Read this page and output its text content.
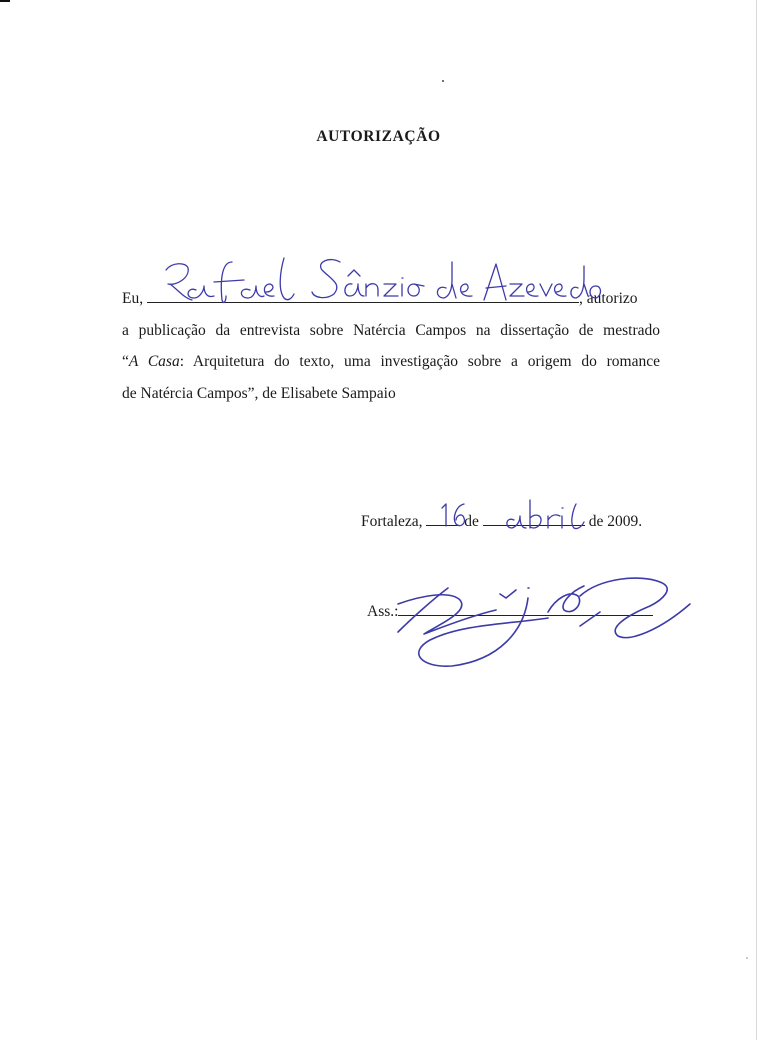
AUTORIZAÇÃO
Eu,	, autorizo
a publicação da entrevista sobre Natércia Campos na dissertação de mestrado
“A Casa: Arquitetura do texto, uma investigação sobre a origem do romance
de Natércia Campos”, de Elisabete Sampaio
Fortaleza,	de	de 2009.
Ass.:
